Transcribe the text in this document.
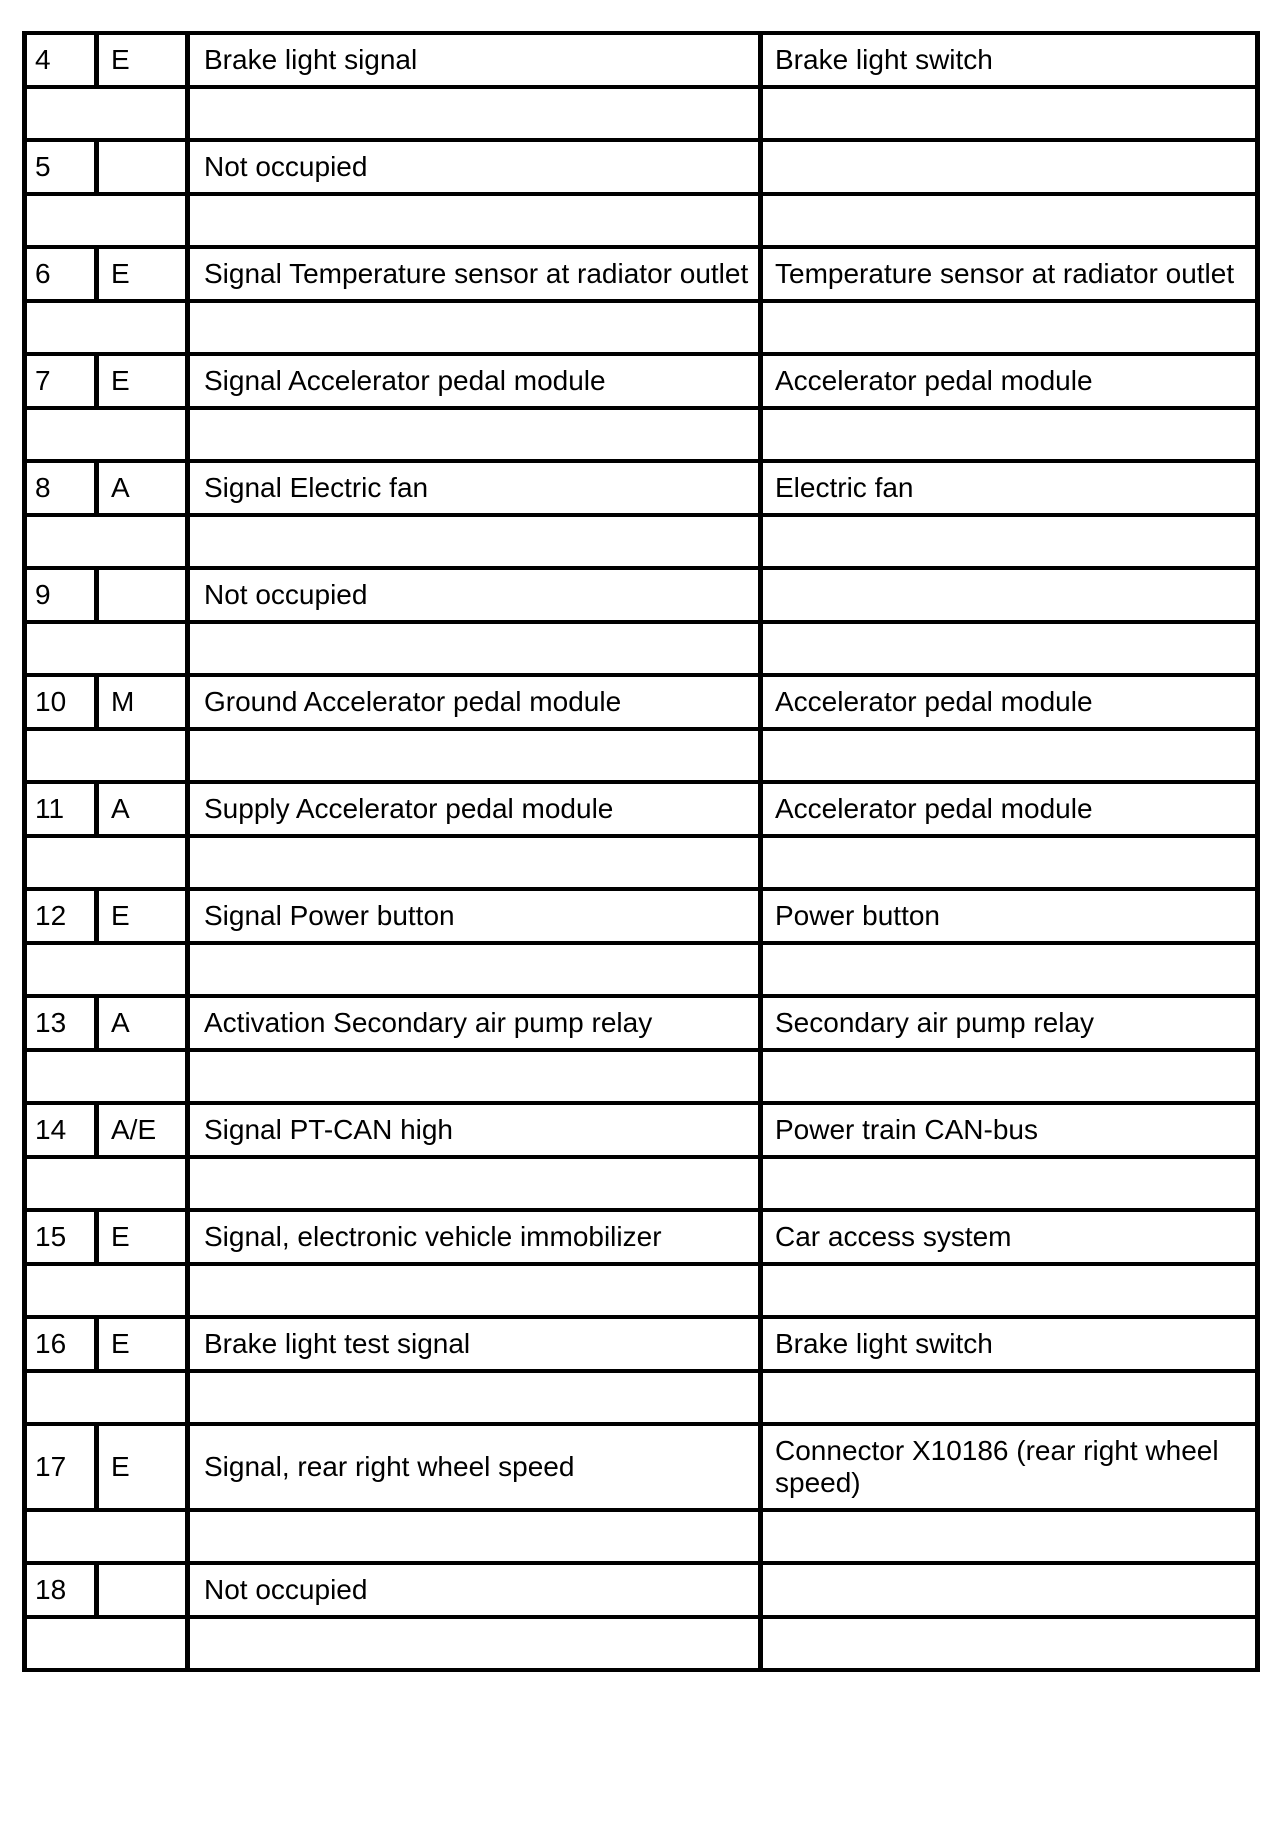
4	E	Brake light signal	Brake light switch

5		Not occupied	

6	E	Signal Temperature sensor at radiator outlet	Temperature sensor at radiator outlet

7	E	Signal Accelerator pedal module	Accelerator pedal module

8	A	Signal Electric fan	Electric fan

9		Not occupied	

10	M	Ground Accelerator pedal module	Accelerator pedal module

11	A	Supply Accelerator pedal module	Accelerator pedal module

12	E	Signal Power button	Power button

13	A	Activation Secondary air pump relay	Secondary air pump relay

14	A/E	Signal PT-CAN high	Power train CAN-bus

15	E	Signal, electronic vehicle immobilizer	Car access system

16	E	Brake light test signal	Brake light switch

17	E	Signal, rear right wheel speed	Connector X10186 (rear right wheel speed)

18		Not occupied	
